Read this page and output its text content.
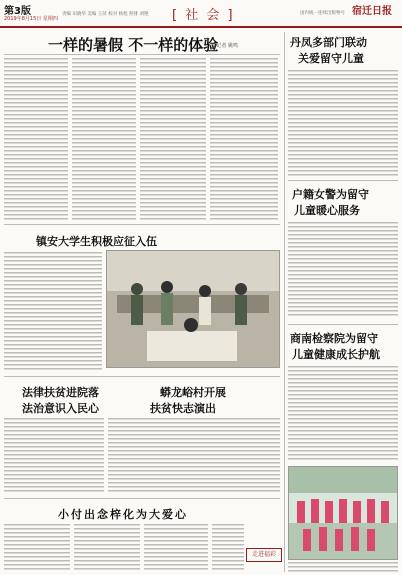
第3版
2019年8月15日 星期四
责编 田晓华 美编 王萍 校对 杨旭 照排 刘艳 [ 社 会 ]	国内统一连续出版物号 宿迁日报
一样的暑假 不一样的体验
◎记者 姚鸣	丹凤多部门联动
关爱留守儿童
镇安大学生积极应征入伍
户籍女警为留守
儿童暖心服务
商南检察院为留守
儿童健康成长护航
法律扶贫进院落
法治意识入民心
蟒龙峪村开展
扶贫快志演出
小付出念梓化为大爱心
走进福彩
